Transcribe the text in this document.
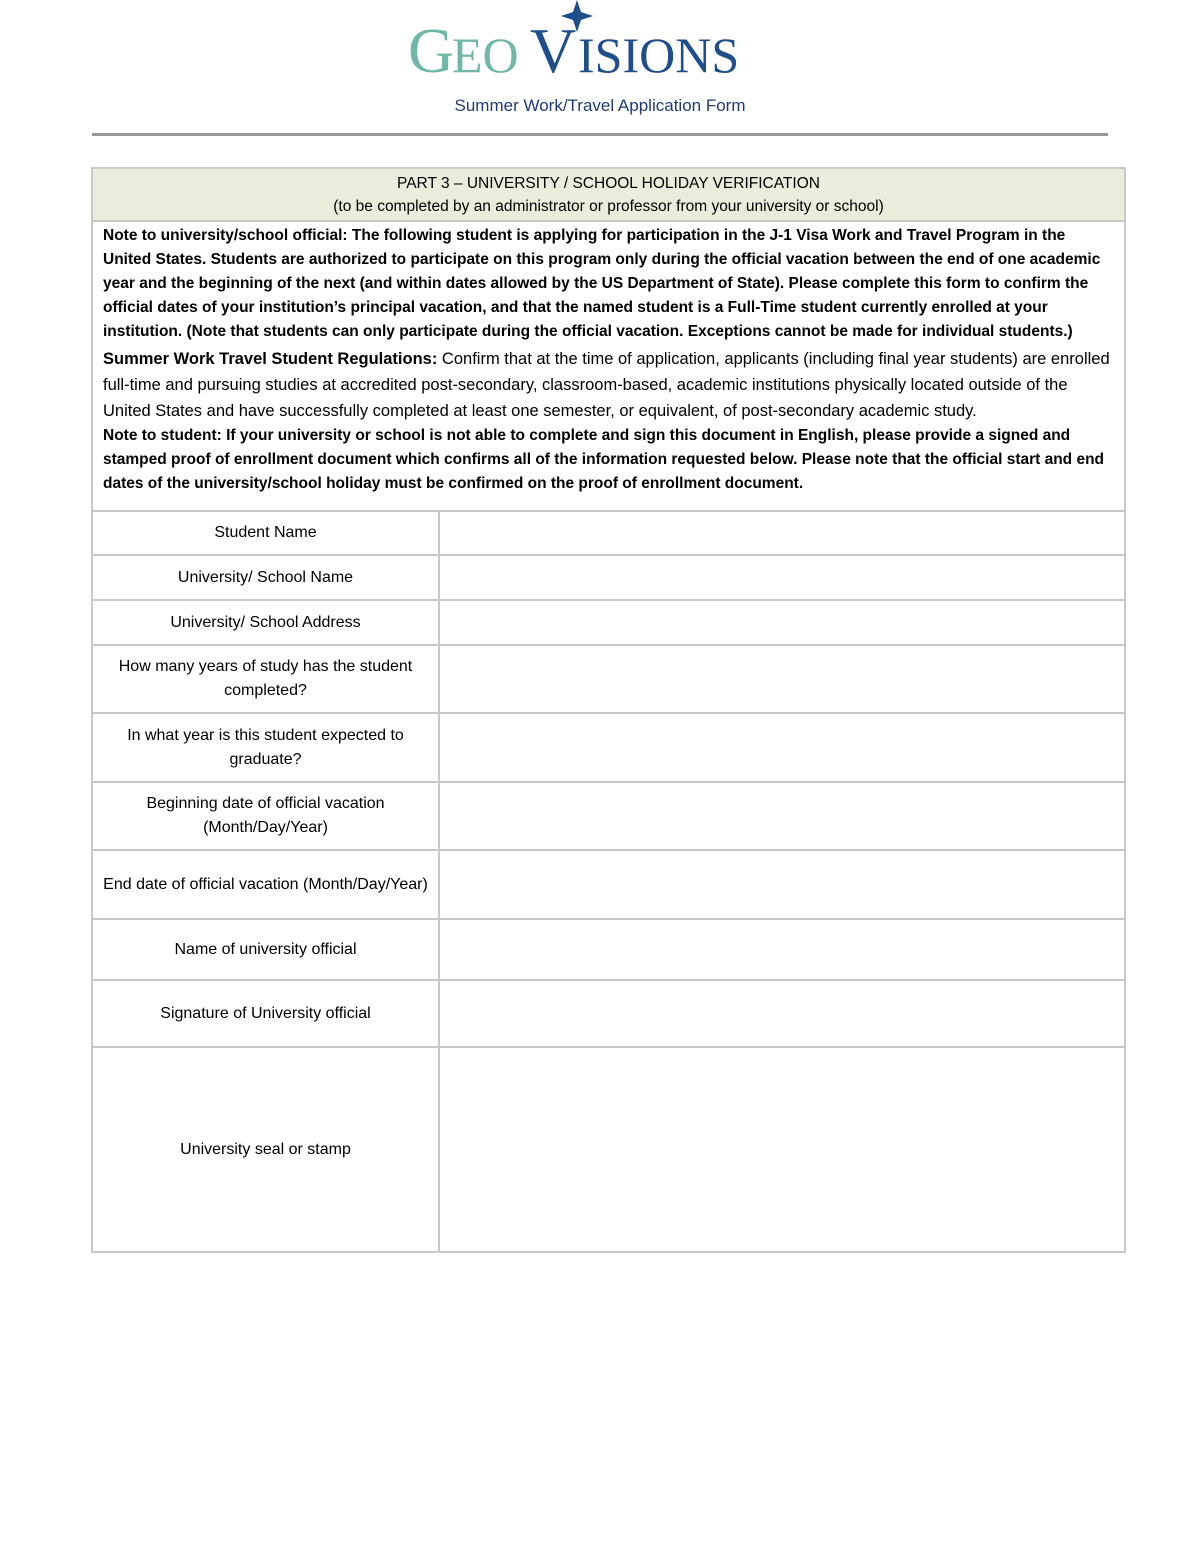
G
EO V ISIONS
Summer Work/Travel Application Form
PART 3 – UNIVERSITY / SCHOOL HOLIDAY VERIFICATION
(to be completed by an administrator or professor from your university or school)

Note to university/school official: The following student is applying for participation in the J-1 Visa Work and Travel Program in the United States. Students are authorized to participate on this program only during the official vacation between the end of one academic year and the beginning of the next (and within dates allowed by the US Department of State). Please complete this form to confirm the official dates of your institution’s principal vacation, and that the named student is a Full-Time student currently enrolled at your institution. (Note that students can only participate during the official vacation. Exceptions cannot be made for individual students.)

Summer Work Travel Student Regulations: Confirm that at the time of application, applicants (including final year students) are enrolled full-time and pursuing studies at accredited post-secondary, classroom-based, academic institutions physically located outside of the United States and have successfully completed at least one semester, or equivalent, of post-secondary academic study.

Note to student: If your university or school is not able to complete and sign this document in English, please provide a signed and stamped proof of enrollment document which confirms all of the information requested below. Please note that the official start and end dates of the university/school holiday must be confirmed on the proof of enrollment document.

Student Name	
University/ School Name	
University/ School Address	
How many years of study has the student completed?	
In what year is this student expected to graduate?	
Beginning date of official vacation (Month/Day/Year)	
End date of official vacation (Month/Day/Year)	
Name of university official	
Signature of University official	
University seal or stamp	
